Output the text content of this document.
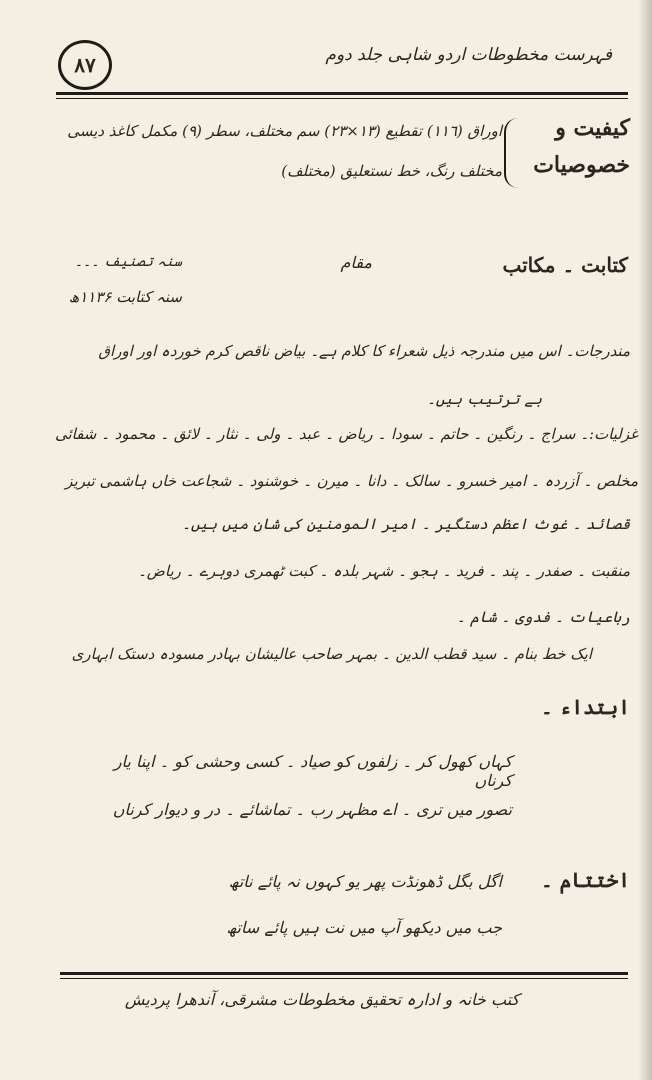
٨٧	فہرست مخطوطات اردو شاہی جلد دوم
کیفیت و
خصوصیات
اوراق (١١٦) تقطیع (١٣×٢٣) سم مختلف، سطر (٩) مکمل کاغذ دیسی
مختلف رنگ، خط نستعلیق (مختلف)
کتابت ۔ مکاتب
مقام
سنہ تصنیف ۔۔۔
سنہ کتابت ۱۱۳۶ھ
مندرجات۔ اس میں مندرجہ ذیل شعراء کا کلام ہے۔ بیاض ناقص کرم خوردہ اور اوراق
بے ترتیب ہیں۔
غزلیات:۔ سراج ۔ رنگین ۔ حاتم ۔ سودا ۔ ریاض ۔ عبد ۔ ولی ۔ نثار ۔ لائق ۔ محمود ۔ شفائی
مخلص ۔ آزردہ ۔ امیر خسرو ۔ سالک ۔ دانا ۔ میرن ۔ خوشنود ۔ شجاعت خاں ہاشمی تبریز
قصائد ۔ غوث اعظم دستگیر ۔ امیر المومنین کی شان میں ہیں۔
منقبت ۔ صفدر ۔ پند ۔ فرید ۔ ہجو ۔ شہر بلدہ ۔ کبت ٹھمری دوہرے ۔ ریاض۔
رباعیات ۔ فدوی ۔ شام ۔
ایک خط بنام ۔ سید قطب الدین ۔ بمہر صاحب عالیشان بہادر مسودہ دستک ابہاری
ابتداء ۔
کہاں کھول کر ۔ زلفوں کو صیاد ۔ کسی وحشی کو ۔ اپنا یار کرناں
تصور میں تری ۔ اے مظہر رب ۔ تماشائے ۔ در و دیوار کرناں
اختتام ۔
اگل بگل ڈھونڈت پھر یو کہوں نہ پائے ناتھ
جب میں دیکھو آپ میں نت ہیں پائے ساتھ
کتب خانہ و ادارہ تحقیق مخطوطات مشرقی، آندھرا پردیش
